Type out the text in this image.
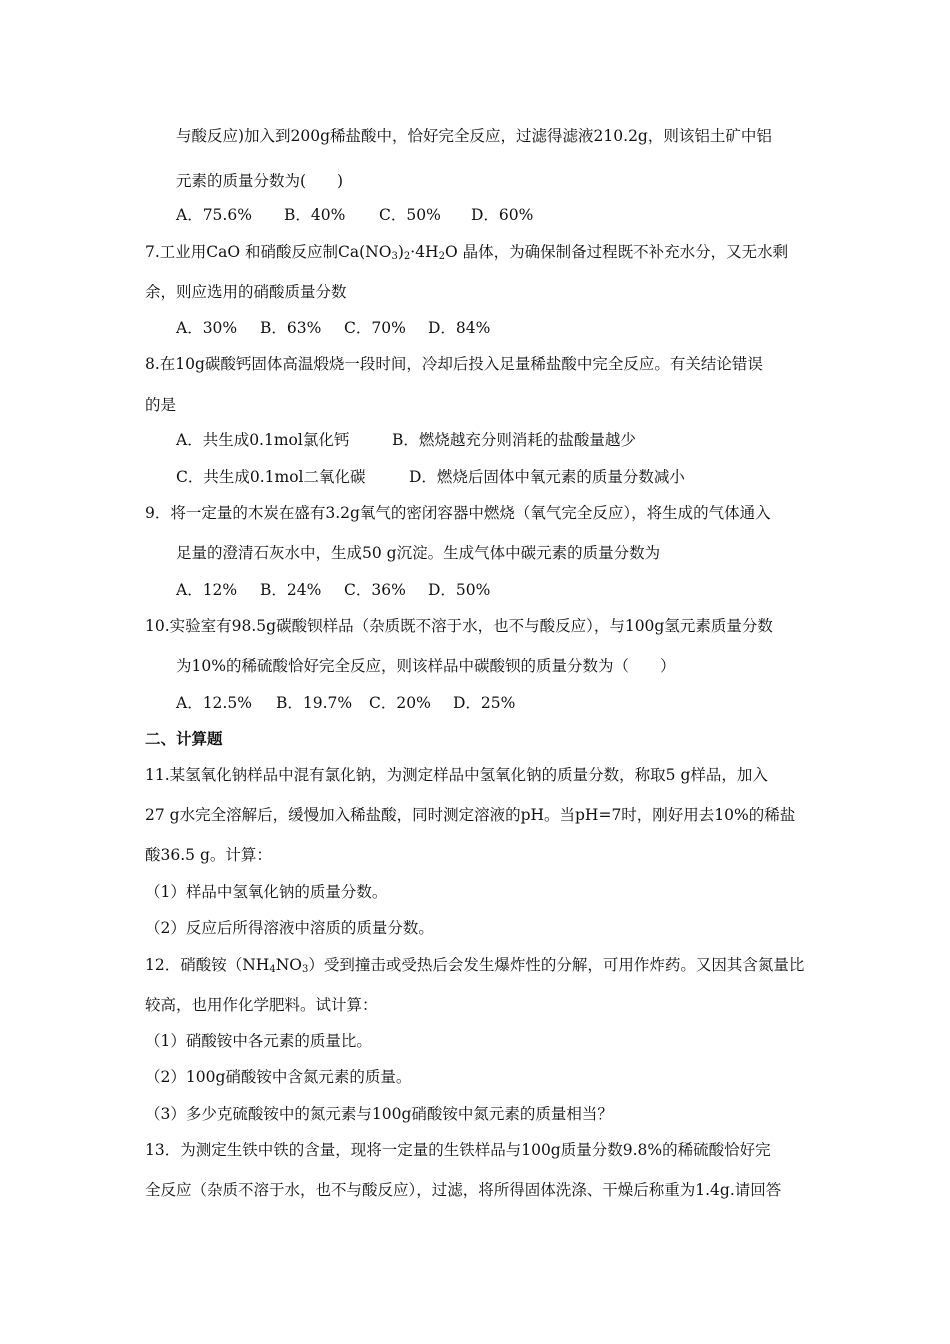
与酸反应)加入到200g稀盐酸中，恰好完全反应，过滤得滤液210.2g，则该铝土矿中铝
元素的质量分数为(　　)
A．75.6% B．40% C．50% D．60%
7.工业用CaO 和硝酸反应制$Ca(NO_3)_2\cdot 4H_2O$ 晶体，为确保制备过程既不补充水分，又无水剩
余，则应选用的硝酸质量分数
A．30% B．63% C．70% D．84%
8.在10g碳酸钙固体高温煅烧一段时间，冷却后投入足量稀盐酸中完全反应。有关结论错误
的是
A．共生成0.1mol氯化钙	B．燃烧越充分则消耗的盐酸量越少
C．共生成0.1mol二氧化碳	D．燃烧后固体中氧元素的质量分数减小
9．将一定量的木炭在盛有3.2g氧气的密闭容器中燃烧（氧气完全反应），将生成的气体通入
足量的澄清石灰水中，生成50 g沉淀。生成气体中碳元素的质量分数为
A．12% B．24% C．36% D．50%
10.实验室有98.5g碳酸钡样品（杂质既不溶于水，也不与酸反应），与100g氢元素质量分数
为10%的稀硫酸恰好完全反应，则该样品中碳酸钡的质量分数为（　　）
A．12.5% B．19.7% C．20% D．25%
二、计算题
11.某氢氧化钠样品中混有氯化钠，为测定样品中氢氧化钠的质量分数，称取5 g样品，加入
27 g水完全溶解后，缓慢加入稀盐酸，同时测定溶液的pH。当pH=7时，刚好用去10%的稀盐
酸36.5 g。计算：
（1）样品中氢氧化钠的质量分数。
（2）反应后所得溶液中溶质的质量分数。
12．硝酸铵$(NH_4NO_3)$受到撞击或受热后会发生爆炸性的分解，可用作炸药。又因其含氮量比
较高，也用作化学肥料。试计算：
（1）硝酸铵中各元素的质量比。
（2）100g硝酸铵中含氮元素的质量。
（3）多少克硫酸铵中的氮元素与100g硝酸铵中氮元素的质量相当？
13．为测定生铁中铁的含量，现将一定量的生铁样品与100g质量分数9.8%的稀硫酸恰好完
全反应（杂质不溶于水，也不与酸反应），过滤，将所得固体洗涤、干燥后称重为1.4g.请回答
